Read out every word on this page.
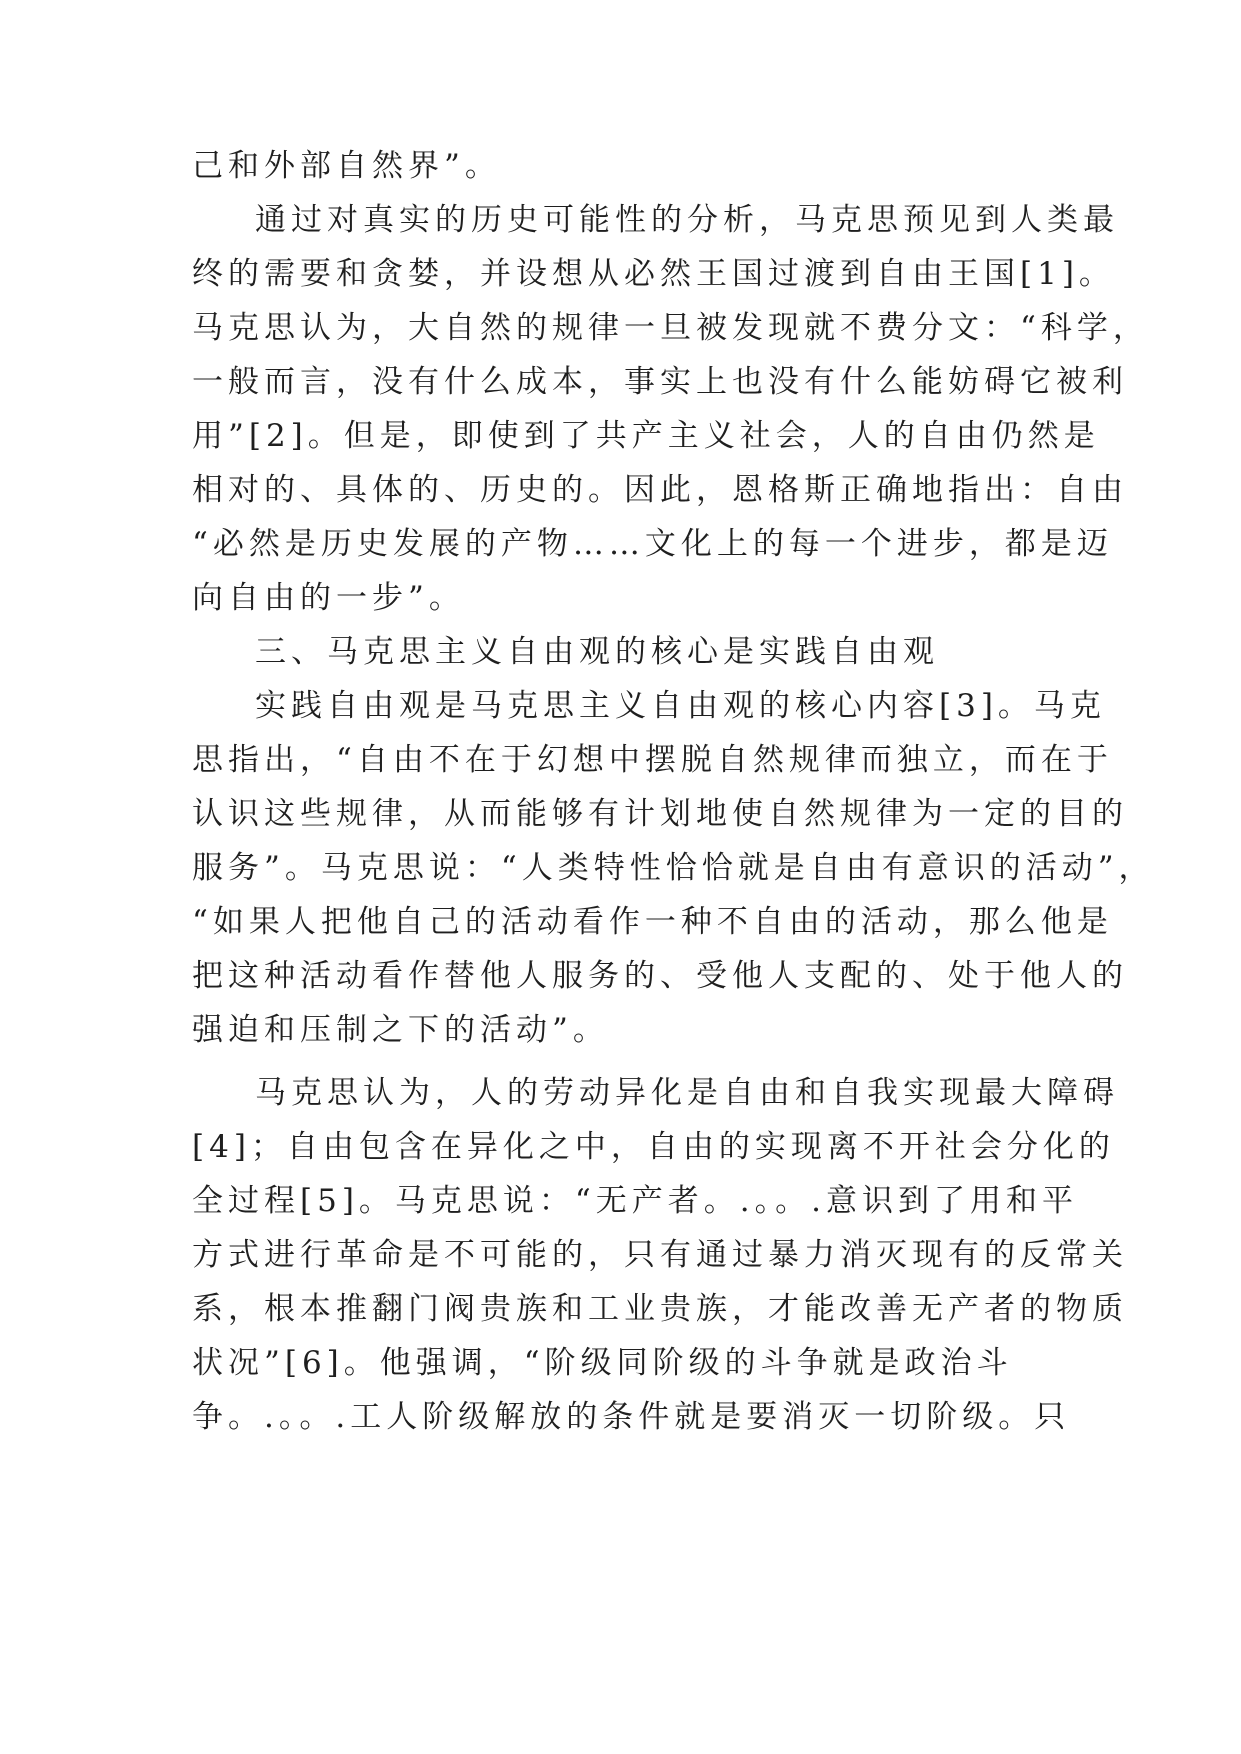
己和外部自然界”。
通过对真实的历史可能性的分析，马克思预见到人类最
终的需要和贪婪，并设想从必然王国过渡到自由王国[1]。
马克思认为，大自然的规律一旦被发现就不费分文：“科学，
一般而言，没有什么成本，事实上也没有什么能妨碍它被利
用”[2]。但是，即使到了共产主义社会，人的自由仍然是
相对的、具体的、历史的。因此，恩格斯正确地指出：自由
“必然是历史发展的产物……文化上的每一个进步，都是迈
向自由的一步”。
三、马克思主义自由观的核心是实践自由观
实践自由观是马克思主义自由观的核心内容[3]。马克
思指出，“自由不在于幻想中摆脱自然规律而独立，而在于
认识这些规律，从而能够有计划地使自然规律为一定的目的
服务”。马克思说：“人类特性恰恰就是自由有意识的活动”，
“如果人把他自己的活动看作一种不自由的活动，那么他是
把这种活动看作替他人服务的、受他人支配的、处于他人的
强迫和压制之下的活动”。
马克思认为，人的劳动异化是自由和自我实现最大障碍
[4]；自由包含在异化之中，自由的实现离不开社会分化的
全过程[5]。马克思说：“无产者。.。。.意识到了用和平
方式进行革命是不可能的，只有通过暴力消灭现有的反常关
系，根本推翻门阀贵族和工业贵族，才能改善无产者的物质
状况”[6]。他强调，“阶级同阶级的斗争就是政治斗
争。.。。.工人阶级解放的条件就是要消灭一切阶级。只
